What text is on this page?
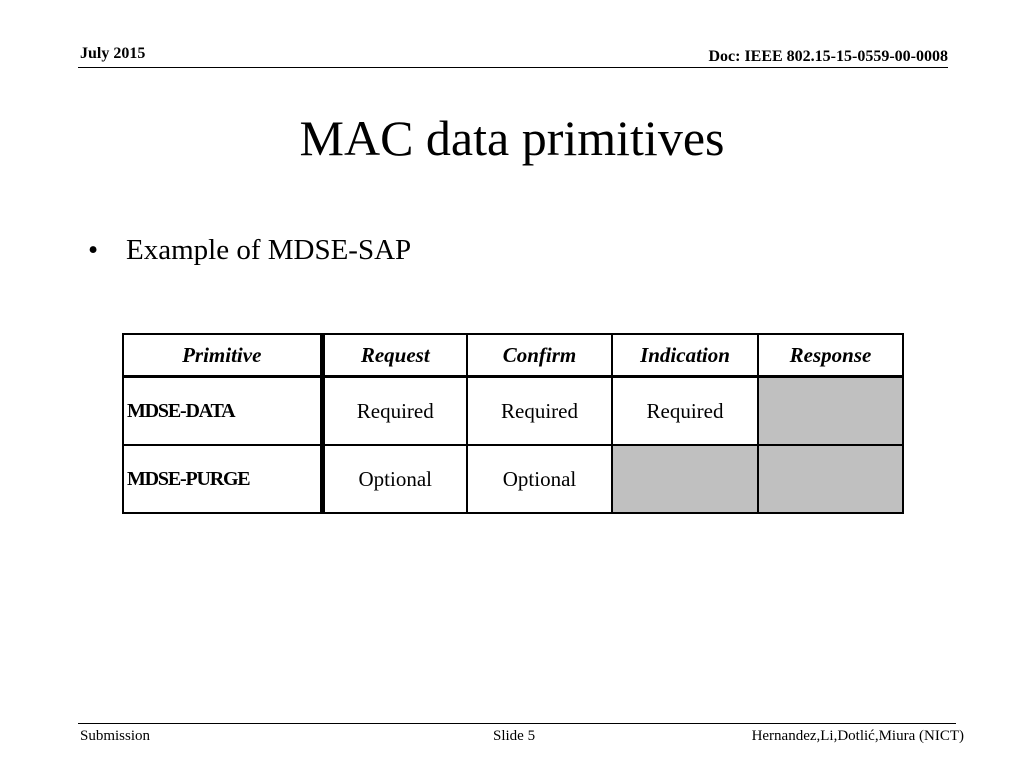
July 2015	Doc: IEEE 802.15-15-0559-00-0008
MAC data primitives
• Example of MDSE-SAP
Primitive	Request	Confirm	Indication	Response
MDSE-DATA	Required	Required	Required	
MDSE-PURGE	Optional	Optional		
Submission	Slide 5	Hernandez,Li,Dotlić,Miura (NICT)
